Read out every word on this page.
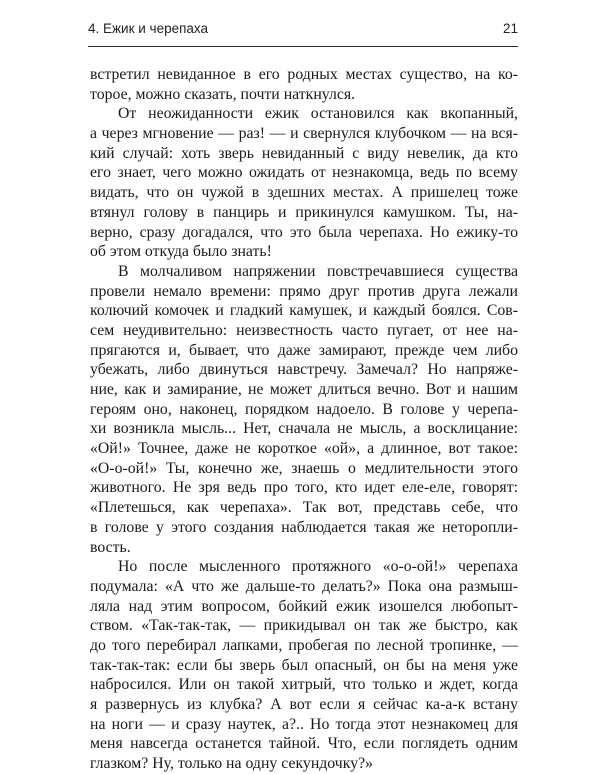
4. Ежик и черепаха	21
встретил невиданное в его родных местах существо, на ко-
торое, можно сказать, почти наткнулся.
От неожиданности ежик остановился как вкопанный,
а через мгновение — раз! — и свернулся клубочком — на вся-
кий случай: хоть зверь невиданный с виду невелик, да кто
его знает, чего можно ожидать от незнакомца, ведь по всему
видать, что он чужой в здешних местах. А пришелец тоже
втянул голову в панцирь и прикинулся камушком. Ты, на-
верно, сразу догадался, что это была черепаха. Но ежику-то
об этом откуда было знать!
В молчаливом напряжении повстречавшиеся существа
провели немало времени: прямо друг против друга лежали
колючий комочек и гладкий камушек, и каждый боялся. Сов-
сем неудивительно: неизвестность часто пугает, от нее на-
прягаются и, бывает, что даже замирают, прежде чем либо
убежать, либо двинуться навстречу. Замечал? Но напряже-
ние, как и замирание, не может длиться вечно. Вот и нашим
героям оно, наконец, порядком надоело. В голове у черепа-
хи возникла мысль... Нет, сначала не мысль, а восклицание:
«Ой!» Точнее, даже не короткое «ой», а длинное, вот такое:
«О-о-ой!» Ты, конечно же, знаешь о медлительности этого
животного. Не зря ведь про того, кто идет еле-еле, говорят:
«Плетешься, как черепаха». Так вот, представь себе, что
в голове у этого создания наблюдается такая же неторопли-
вость.
Но после мысленного протяжного «о-о-ой!» черепаха
подумала: «А что же дальше-то делать?» Пока она размыш-
ляла над этим вопросом, бойкий ежик изошелся любопыт-
ством. «Так-так-так, — прикидывал он так же быстро, как
до того перебирал лапками, пробегая по лесной тропинке, —
так-так-так: если бы зверь был опасный, он бы на меня уже
набросился. Или он такой хитрый, что только и ждет, когда
я развернусь из клубка? А вот если я сейчас ка-а-к встану
на ноги — и сразу наутек, а?.. Но тогда этот незнакомец для
меня навсегда останется тайной. Что, если поглядеть одним
глазком? Ну, только на одну секундочку?»
